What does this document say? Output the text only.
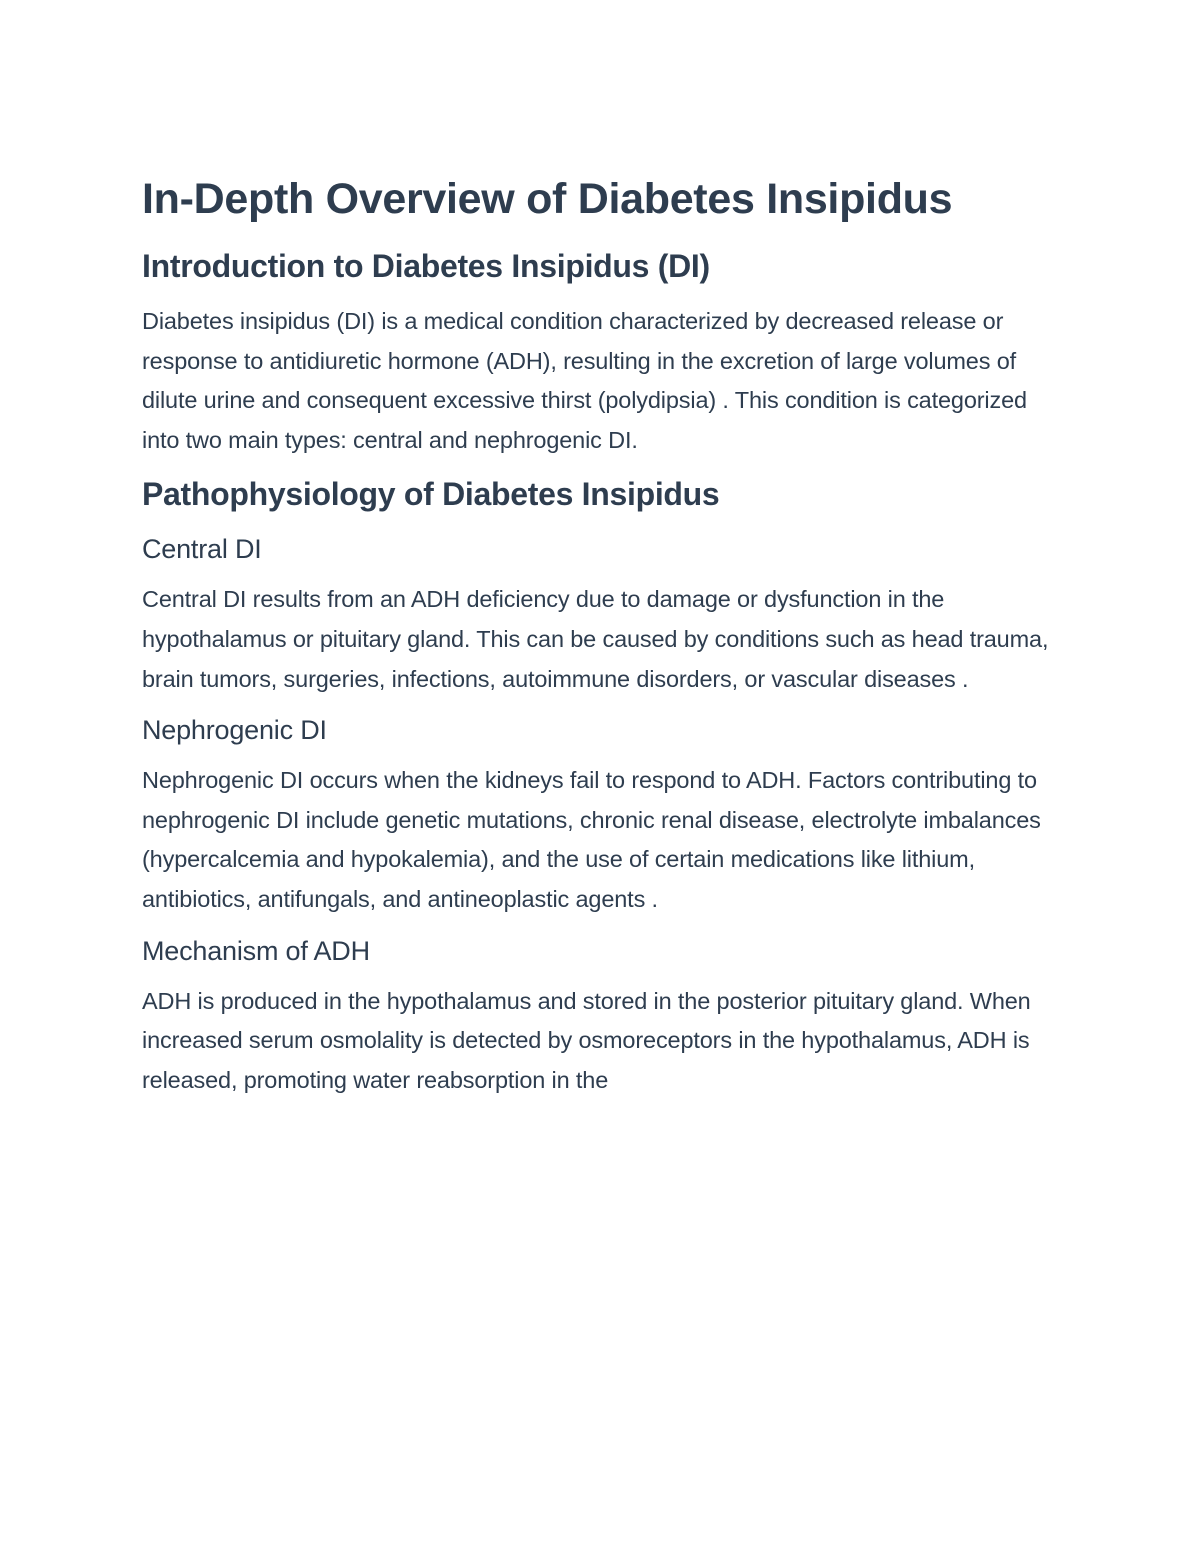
In-Depth Overview of Diabetes Insipidus
Introduction to Diabetes Insipidus (DI)

Diabetes insipidus (DI) is a medical condition characterized by decreased release or response to antidiuretic hormone (ADH), resulting in the excretion of large volumes of dilute urine and consequent excessive thirst (polydipsia) . This condition is categorized into two main types: central and nephrogenic DI.

Pathophysiology of Diabetes Insipidus
Central DI

Central DI results from an ADH deficiency due to damage or dysfunction in the hypothalamus or pituitary gland. This can be caused by conditions such as head trauma, brain tumors, surgeries, infections, autoimmune disorders, or vascular diseases .

Nephrogenic DI

Nephrogenic DI occurs when the kidneys fail to respond to ADH. Factors contributing to nephrogenic DI include genetic mutations, chronic renal disease, electrolyte imbalances (hypercalcemia and hypokalemia), and the use of certain medications like lithium, antibiotics, antifungals, and antineoplastic agents .

Mechanism of ADH

ADH is produced in the hypothalamus and stored in the posterior pituitary gland. When increased serum osmolality is detected by osmoreceptors in the hypothalamus, ADH is released, promoting water reabsorption in the
